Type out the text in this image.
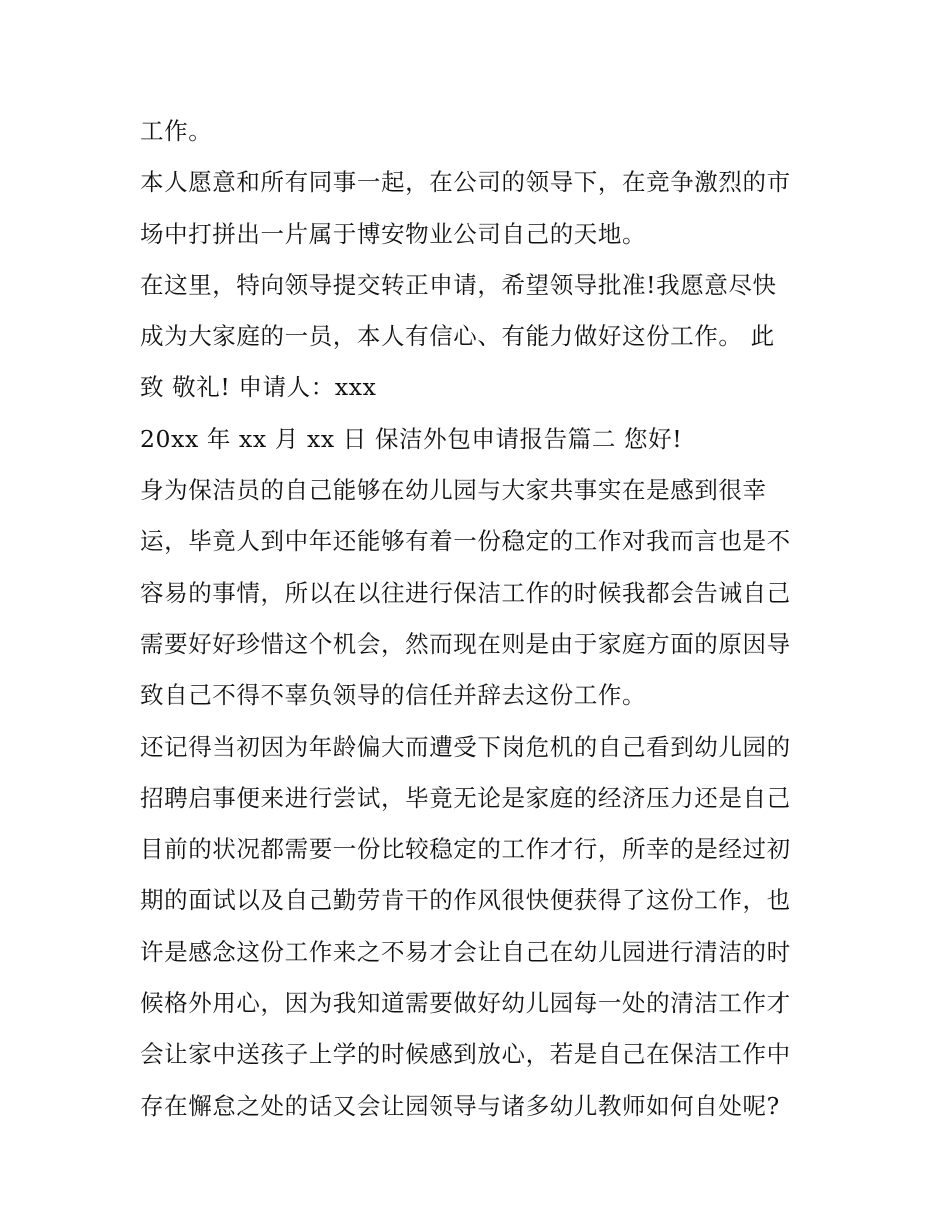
工作。
本人愿意和所有同事一起，在公司的领导下，在竞争激烈的市
场中打拼出一片属于博安物业公司自己的天地。
在这里，特向领导提交转正申请，希望领导批准!我愿意尽快
成为大家庭的一员，本人有信心、有能力做好这份工作。 此
致 敬礼! 申请人：xxx
20xx 年 xx 月 xx 日 保洁外包申请报告篇二 您好!
身为保洁员的自己能够在幼儿园与大家共事实在是感到很幸
运，毕竟人到中年还能够有着一份稳定的工作对我而言也是不
容易的事情，所以在以往进行保洁工作的时候我都会告诫自己
需要好好珍惜这个机会，然而现在则是由于家庭方面的原因导
致自己不得不辜负领导的信任并辞去这份工作。
还记得当初因为年龄偏大而遭受下岗危机的自己看到幼儿园的
招聘启事便来进行尝试，毕竟无论是家庭的经济压力还是自己
目前的状况都需要一份比较稳定的工作才行，所幸的是经过初
期的面试以及自己勤劳肯干的作风很快便获得了这份工作，也
许是感念这份工作来之不易才会让自己在幼儿园进行清洁的时
候格外用心，因为我知道需要做好幼儿园每一处的清洁工作才
会让家中送孩子上学的时候感到放心，若是自己在保洁工作中
存在懈怠之处的话又会让园领导与诸多幼儿教师如何自处呢?
